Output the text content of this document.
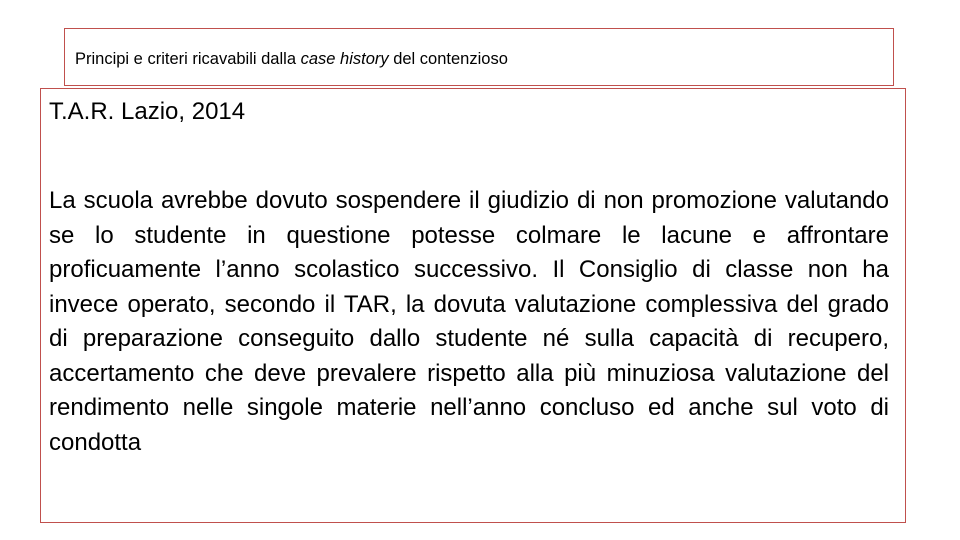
Principi e criteri ricavabili dalla case history del contenzioso
T.A.R. Lazio, 2014

La scuola avrebbe dovuto sospendere il giudizio di non promozione valutando se lo studente in questione potesse colmare le lacune e affrontare proficuamente l’anno scolastico successivo. Il Consiglio di classe non ha invece operato, secondo il TAR, la dovuta valutazione complessiva del grado di preparazione conseguito dallo studente né sulla capacità di recupero, accertamento che deve prevalere rispetto alla più minuziosa valutazione del rendimento nelle singole materie nell’anno concluso ed anche sul voto di condotta
